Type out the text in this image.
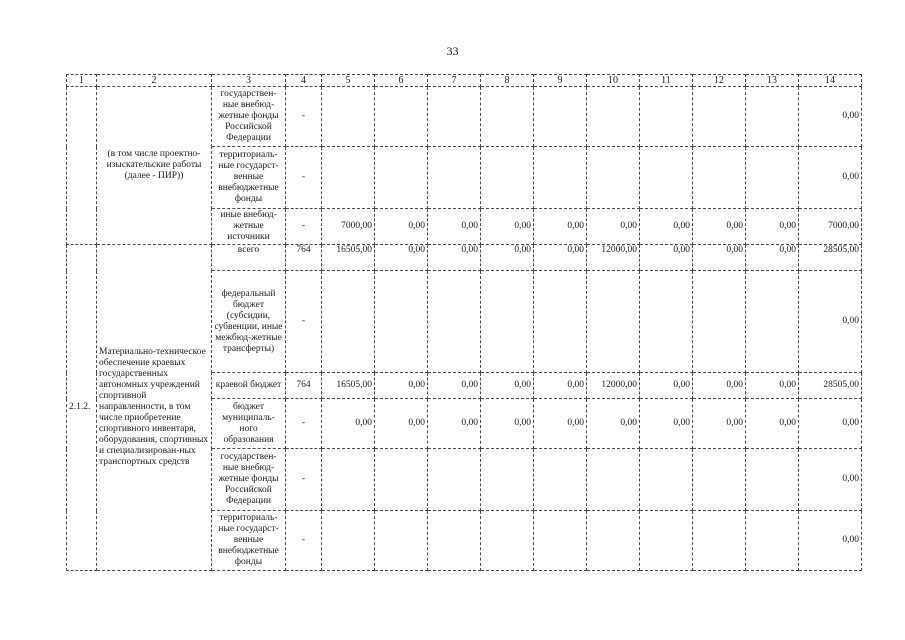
33
1	2	3	4	5	6	7	8	9	10	11	12	13	14
	(в том числе проектно-изыскательские работы (далее - ПИР))	государствен-ные внебюд-жетные фонды Российской Федерации	-										0,00
		территориаль-ные государст-венные внебюджетные фонды	-										0,00
		иные внебюд-жетные источники	-	7000,00	0,00	0,00	0,00	0,00	0,00	0,00	0,00	0,00	7000,00
2.1.2.	Материально-техническое обеспечение краевых государственных автономных учреждений спортивной направленности, в том числе приобретение спортивного инвентаря, оборудования, спортивных и специализирован-ных транспортных средств	всего	764	16505,00	0,00	0,00	0,00	0,00	12000,00	0,00	0,00	0,00	28505,00
		федеральный бюджет (субсидии, субвенции, иные межбюд-жетные трансферты)	-										0,00
		краевой бюджет	764	16505,00	0,00	0,00	0,00	0,00	12000,00	0,00	0,00	0,00	28505,00
		бюджет муниципаль-ного образования	-	0,00	0,00	0,00	0,00	0,00	0,00	0,00	0,00	0,00	0,00
		государствен-ные внебюд-жетные фонды Российской Федерации	-										0,00
		территориаль-ные государст-венные внебюджетные фонды	-										0,00
